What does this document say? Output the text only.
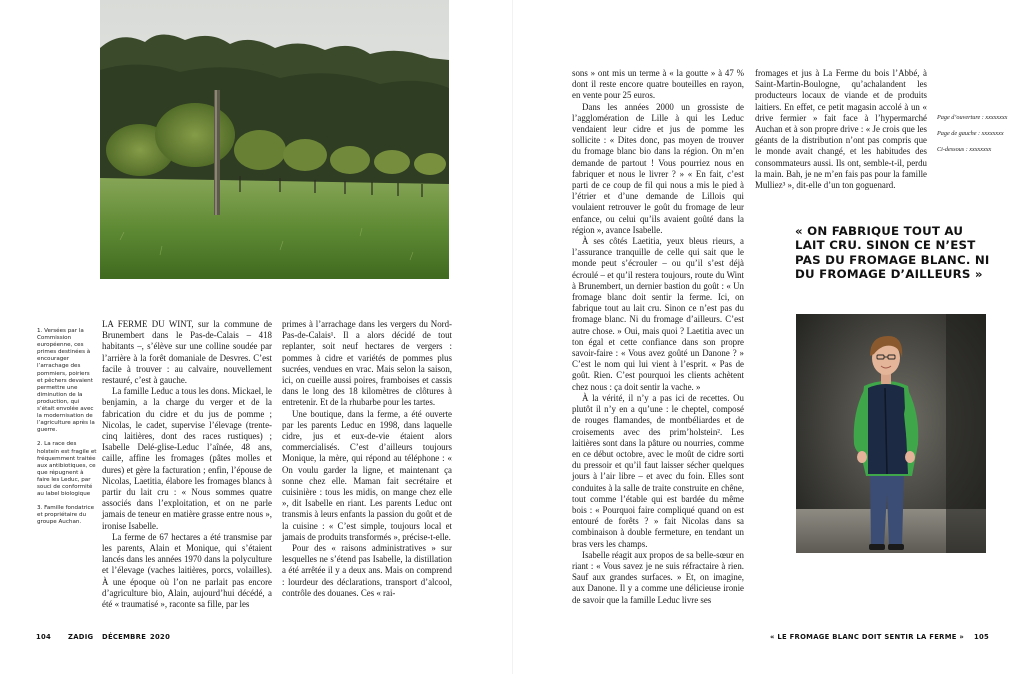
1. Versées par la Commission européenne, ces primes destinées à encourager l’arrachage des pommiers, poiriers et pêchers devaient permettre une diminution de la production, qui s’était envolée avec la modernisation de l’agriculture après la guerre.

2. La race des holstein est fragile et fréquemment traitée aux antibiotiques, ce que répugnent à faire les Leduc, par souci de conformité au label biologique

3. Famille fondatrice et propriétaire du groupe Auchan.

LA FERME DU WINT, sur la commune de Brunembert dans le Pas-de-Calais – 418 habitants –, s’élève sur une colline soudée par l’arrière à la forêt domaniale de Desvres. C’est facile à trouver : au calvaire, nouvellement restauré, c’est à gauche.

La famille Leduc a tous les dons. Mickael, le benjamin, a la charge du verger et de la fabrication du cidre et du jus de pomme ; Nicolas, le cadet, supervise l’élevage (trente-cinq laitières, dont des races rustiques) ; Isabelle Delé-glise-Leduc l’aînée, 48 ans, caille, affine les fromages (pâtes molles et dures) et gère la facturation ; enfin, l’épouse de Nicolas, Laetitia, élabore les fromages blancs à partir du lait cru : « Nous sommes quatre associés dans l’exploitation, et on ne parle jamais de teneur en matière grasse entre nous », ironise Isabelle.

La ferme de 67 hectares a été transmise par les parents, Alain et Monique, qui s’étaient lancés dans les années 1970 dans la polyculture et l’élevage (vaches laitières, porcs, volailles). À une époque où l’on ne parlait pas encore d’agriculture bio, Alain, aujourd’hui décédé, a été « traumatisé », raconte sa fille, par les

primes à l’arrachage dans les vergers du Nord-Pas-de-Calais¹. Il a alors décidé de tout replanter, soit neuf hectares de vergers : pommes à cidre et variétés de pommes plus sucrées, vendues en vrac. Mais selon la saison, ici, on cueille aussi poires, framboises et cassis dans le long des 18 kilomètres de clôtures à entretenir. Et de la rhubarbe pour les tartes.

Une boutique, dans la ferme, a été ouverte par les parents Leduc en 1998, dans laquelle cidre, jus et eux-de-vie étaient alors commercialisés. C’est d’ailleurs toujours Monique, la mère, qui répond au téléphone : « On voulu garder la ligne, et maintenant ça sonne chez elle. Maman fait secrétaire et cuisinière : tous les midis, on mange chez elle », dit Isabelle en riant. Les parents Leduc ont transmis à leurs enfants la passion du goût et de la cuisine : « C’est simple, toujours local et jamais de produits transformés », précise-t-elle.

Pour des « raisons administratives » sur lesquelles ne s’étend pas Isabelle, la distillation a été arrêtée il y a deux ans. Mais on comprend : lourdeur des déclarations, transport d’alcool, contrôle des douanes. Ces « rai-

sons » ont mis un terme à « la goutte » à 47 % dont il reste encore quatre bouteilles en rayon, en vente pour 25 euros.

Dans les années 2000 un grossiste de l’agglomération de Lille à qui les Leduc vendaient leur cidre et jus de pomme les sollicite : « Dites donc, pas moyen de trouver du fromage blanc bio dans la région. On m’en demande de partout ! Vous pourriez nous en fabriquer et nous le livrer ? » « En fait, c’est parti de ce coup de fil qui nous a mis le pied à l’étrier et d’une demande de Lillois qui voulaient retrouver le goût du fromage de leur enfance, ou celui qu’ils avaient goûté dans la région », avance Isabelle.

À ses côtés Laetitia, yeux bleus rieurs, a l’assurance tranquille de celle qui sait que le monde peut s’écrouler – ou qu’il s’est déjà écroulé – et qu’il restera toujours, route du Wint à Brunembert, un dernier bastion du goût : « Un fromage blanc doit sentir la ferme. Ici, on fabrique tout au lait cru. Sinon ce n’est pas du fromage blanc. Ni du fromage d’ailleurs. C’est autre chose. » Oui, mais quoi ? Laetitia avec un ton égal et cette confiance dans son propre savoir-faire : « Vous avez goûté un Danone ? » C’est le nom qui lui vient à l’esprit. « Pas de goût. Rien. C’est pourquoi les clients achètent chez nous : ça doit sentir la vache. »

À la vérité, il n’y a pas ici de recettes. Ou plutôt il n’y en a qu’une : le cheptel, composé de rouges flamandes, de montbéliardes et de croisements avec des prim’holstein². Les laitières sont dans la pâture ou nourries, comme en ce début octobre, avec le moût de cidre sorti du pressoir et qu’il faut laisser sécher quelques jours à l’air libre – et avec du foin. Elles sont conduites à la salle de traite construite en chêne, tout comme l’étable qui est bardée du même bois : « Pourquoi faire compliqué quand on est entouré de forêts ? » fait Nicolas dans sa combinaison à double fermeture, en tendant un bras vers les champs.

Isabelle réagit aux propos de sa belle-sœur en riant : « Vous savez je ne suis réfractaire à rien. Sauf aux grandes surfaces. » Et, on imagine, aux Danone. Il y a comme une délicieuse ironie de savoir que la famille Leduc livre ses

fromages et jus à La Ferme du bois l’Abbé, à Saint-Martin-Boulogne, qu’achalandent les producteurs locaux de viande et de produits laitiers. En effet, ce petit magasin accolé à un « drive fermier » fait face à l’hypermarché Auchan et à son propre drive : « Je crois que les géants de la distribution n’ont pas compris que le monde avait changé, et les habitudes des consommateurs aussi. Ils ont, semble-t-il, perdu la main. Bah, je ne m’en fais pas pour la famille Mulliez³ », dit-elle d’un ton goguenard.

Page d’ouverture : xxxxxxxx
Page de gauche : xxxxxxxx
Ci-dessous : xxxxxxxx
« ON FABRIQUE TOUT AU LAIT CRU. SINON CE N’EST PAS DU FROMAGE BLANC. NI DU FROMAGE D’AILLEURS »
104 ZADIG DÉCEMBRE 2020	« LE FROMAGE BLANC DOIT SENTIR LA FERME » 105
